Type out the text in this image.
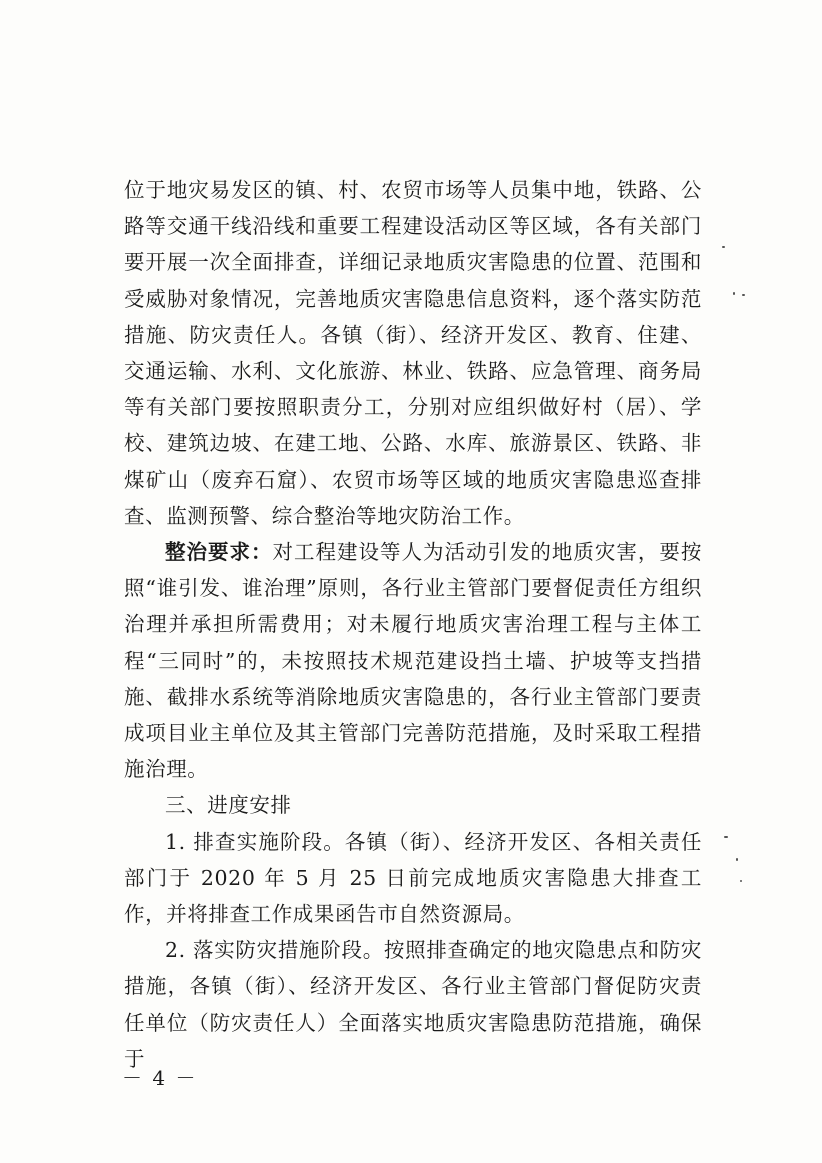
位于地灾易发区的镇、村、农贸市场等人员集中地，铁路、公路等交通干线沿线和重要工程建设活动区等区域，各有关部门要开展一次全面排查，详细记录地质灾害隐患的位置、范围和受威胁对象情况，完善地质灾害隐患信息资料，逐个落实防范措施、防灾责任人。各镇（街）、经济开发区、教育、住建、交通运输、水利、文化旅游、林业、铁路、应急管理、商务局等有关部门要按照职责分工，分别对应组织做好村（居）、学校、建筑边坡、在建工地、公路、水库、旅游景区、铁路、非煤矿山（废弃石窟）、农贸市场等区域的地质灾害隐患巡查排查、监测预警、综合整治等地灾防治工作。

整治要求：对工程建设等人为活动引发的地质灾害，要按照“谁引发、谁治理”原则，各行业主管部门要督促责任方组织治理并承担所需费用；对未履行地质灾害治理工程与主体工程“三同时”的，未按照技术规范建设挡土墙、护坡等支挡措施、截排水系统等消除地质灾害隐患的，各行业主管部门要责成项目业主单位及其主管部门完善防范措施，及时采取工程措施治理。

三、进度安排

1. 排查实施阶段。各镇（街）、经济开发区、各相关责任部门于 2020 年 5 月 25 日前完成地质灾害隐患大排查工作，并将排查工作成果函告市自然资源局。

2. 落实防灾措施阶段。按照排查确定的地灾隐患点和防灾措施，各镇（街）、经济开发区、各行业主管部门督促防灾责任单位（防灾责任人）全面落实地质灾害隐患防范措施，确保于

－ 4 －
